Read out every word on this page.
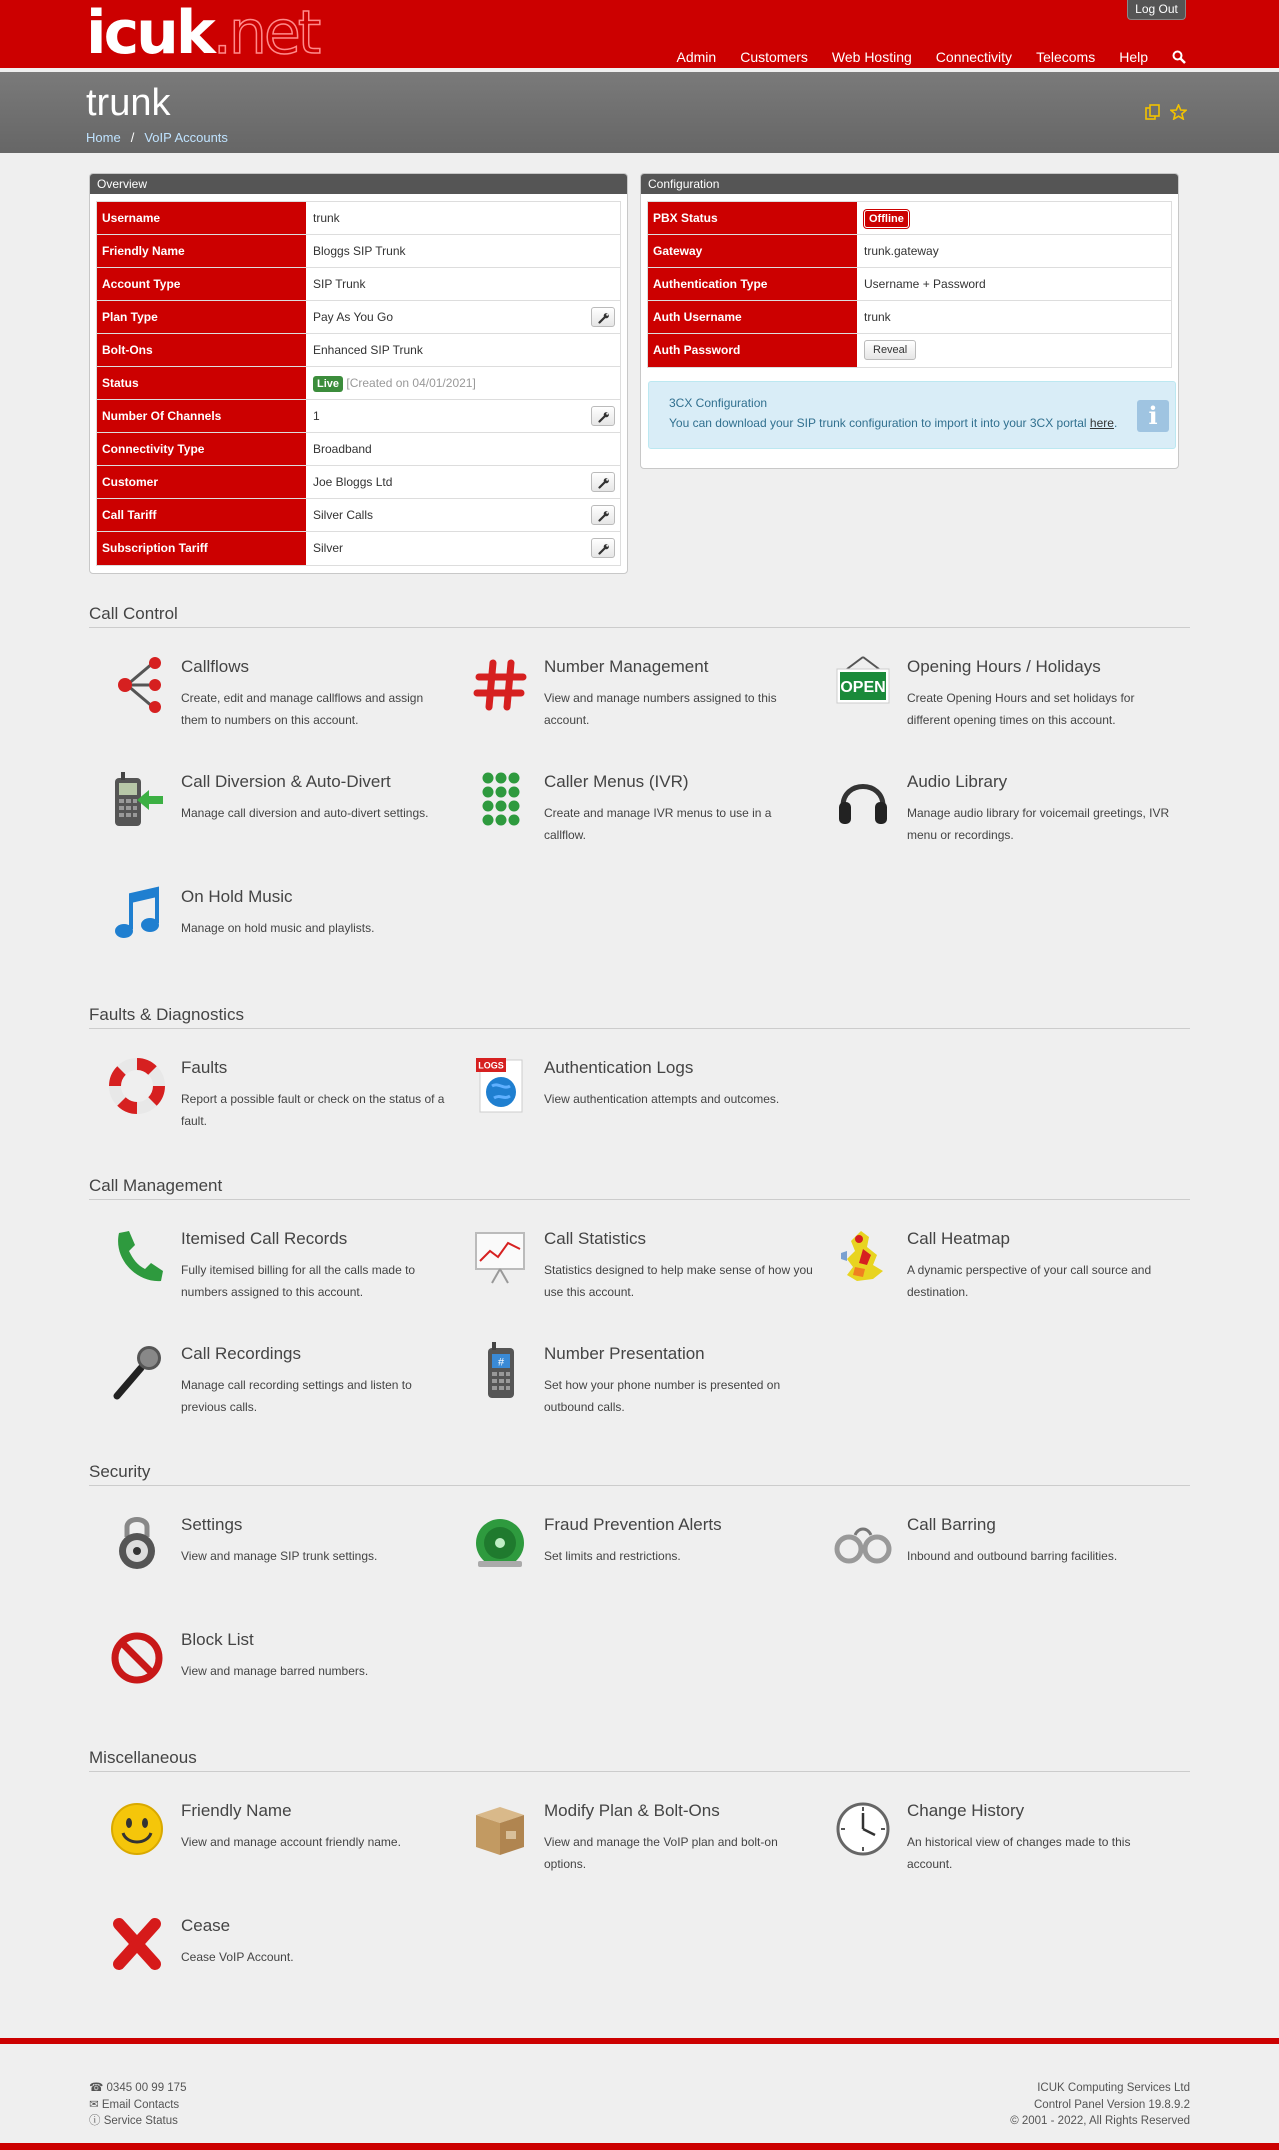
icuk.net	Log Out
Admin Customers Web Hosting Connectivity Telecoms Help
trunk
Home / VoIP Accounts
Overview
Username	trunk
Friendly Name	Bloggs SIP Trunk
Account Type	SIP Trunk
Plan Type	Pay As You Go
Bolt-Ons	Enhanced SIP Trunk
Status	Live [Created on 04/01/2021]
Number Of Channels	1
Connectivity Type	Broadband
Customer	Joe Bloggs Ltd
Call Tariff	Silver Calls
Subscription Tariff	Silver
Configuration
PBX Status	Offline
Gateway	trunk.gateway
Authentication Type	Username + Password
Auth Username	trunk
Auth Password	Reveal
3CX Configuration
You can download your SIP trunk configuration to import it into your 3CX portal here.	i
Call Control
Callflows
Create, edit and manage callflows and assign them to numbers on this account.
Number Management
View and manage numbers assigned to this account.
OPEN
Opening Hours / Holidays
Create Opening Hours and set holidays for different opening times on this account.
Call Diversion & Auto-Divert
Manage call diversion and auto-divert settings.
Caller Menus (IVR)
Create and manage IVR menus to use in a callflow.
Audio Library
Manage audio library for voicemail greetings, IVR menu or recordings.
On Hold Music
Manage on hold music and playlists.
Faults & Diagnostics
Faults
Report a possible fault or check on the status of a fault.
LOGS Authentication Logs
View authentication attempts and outcomes.
Call Management
Itemised Call Records
Fully itemised billing for all the calls made to numbers assigned to this account.
Call Statistics
Statistics designed to help make sense of how you use this account.
Call Heatmap
A dynamic perspective of your call source and destination.
Call Recordings
Manage call recording settings and listen to previous calls.
# Number Presentation
Set how your phone number is presented on outbound calls.
Security
Settings
View and manage SIP trunk settings.
Fraud Prevention Alerts
Set limits and restrictions.
Call Barring
Inbound and outbound barring facilities.
Block List
View and manage barred numbers.
Miscellaneous
Friendly Name
View and manage account friendly name.
Modify Plan & Bolt-Ons
View and manage the VoIP plan and bolt-on options.
Change History
An historical view of changes made to this account.
Cease
Cease VoIP Account.
☎ 0345 00 99 175
✉ Email Contacts
ⓘ Service Status
ICUK Computing Services Ltd
Control Panel Version 19.8.9.2
© 2001 - 2022, All Rights Reserved
